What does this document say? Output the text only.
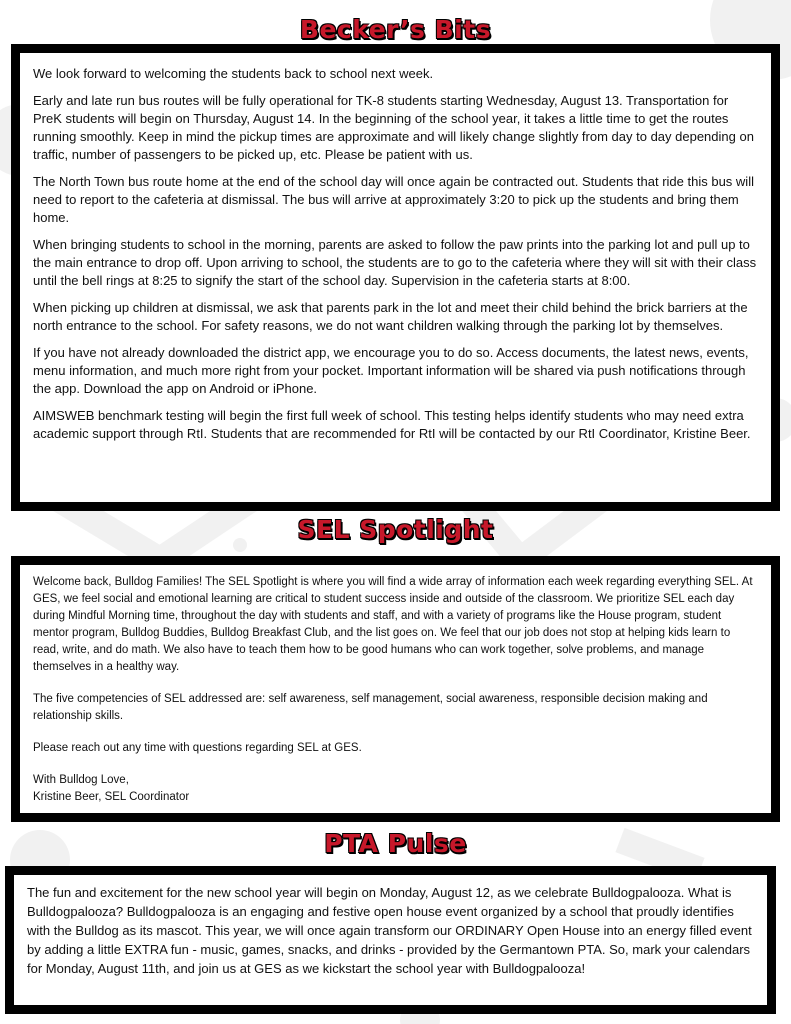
Becker’s Bits

We look forward to welcoming the students back to school next week.

Early and late run bus routes will be fully operational for TK-8 students starting Wednesday, August 13. Transportation for PreK students will begin on Thursday, August 14. In the beginning of the school year, it takes a little time to get the routes running smoothly. Keep in mind the pickup times are approximate and will likely change slightly from day to day depending on traffic, number of passengers to be picked up, etc. Please be patient with us.

The North Town bus route home at the end of the school day will once again be contracted out. Students that ride this bus will need to report to the cafeteria at dismissal. The bus will arrive at approximately 3:20 to pick up the students and bring them home.

When bringing students to school in the morning, parents are asked to follow the paw prints into the parking lot and pull up to the main entrance to drop off. Upon arriving to school, the students are to go to the cafeteria where they will sit with their class until the bell rings at 8:25 to signify the start of the school day. Supervision in the cafeteria starts at 8:00.

When picking up children at dismissal, we ask that parents park in the lot and meet their child behind the brick barriers at the north entrance to the school. For safety reasons, we do not want children walking through the parking lot by themselves.

If you have not already downloaded the district app, we encourage you to do so. Access documents, the latest news, events, menu information, and much more right from your pocket. Important information will be shared via push notifications through the app. Download the app on Android or iPhone.

AIMSWEB benchmark testing will begin the first full week of school. This testing helps identify students who may need extra academic support through RtI. Students that are recommended for RtI will be contacted by our RtI Coordinator, Kristine Beer.

SEL Spotlight

Welcome back, Bulldog Families! The SEL Spotlight is where you will find a wide array of information each week regarding everything SEL. At GES, we feel social and emotional learning are critical to student success inside and outside of the classroom. We prioritize SEL each day during Mindful Morning time, throughout the day with students and staff, and with a variety of programs like the House program, student mentor program, Bulldog Buddies, Bulldog Breakfast Club, and the list goes on. We feel that our job does not stop at helping kids learn to read, write, and do math. We also have to teach them how to be good humans who can work together, solve problems, and manage themselves in a healthy way.

The five competencies of SEL addressed are: self awareness, self management, social awareness, responsible decision making and relationship skills.

Please reach out any time with questions regarding SEL at GES.

With Bulldog Love,

Kristine Beer, SEL Coordinator

PTA Pulse

The fun and excitement for the new school year will begin on Monday, August 12, as we celebrate Bulldogpalooza. What is Bulldogpalooza? Bulldogpalooza is an engaging and festive open house event organized by a school that proudly identifies with the Bulldog as its mascot. This year, we will once again transform our ORDINARY Open House into an energy filled event by adding a little EXTRA fun - music, games, snacks, and drinks - provided by the Germantown PTA. So, mark your calendars for Monday, August 11th, and join us at GES as we kickstart the school year with Bulldogpalooza!
